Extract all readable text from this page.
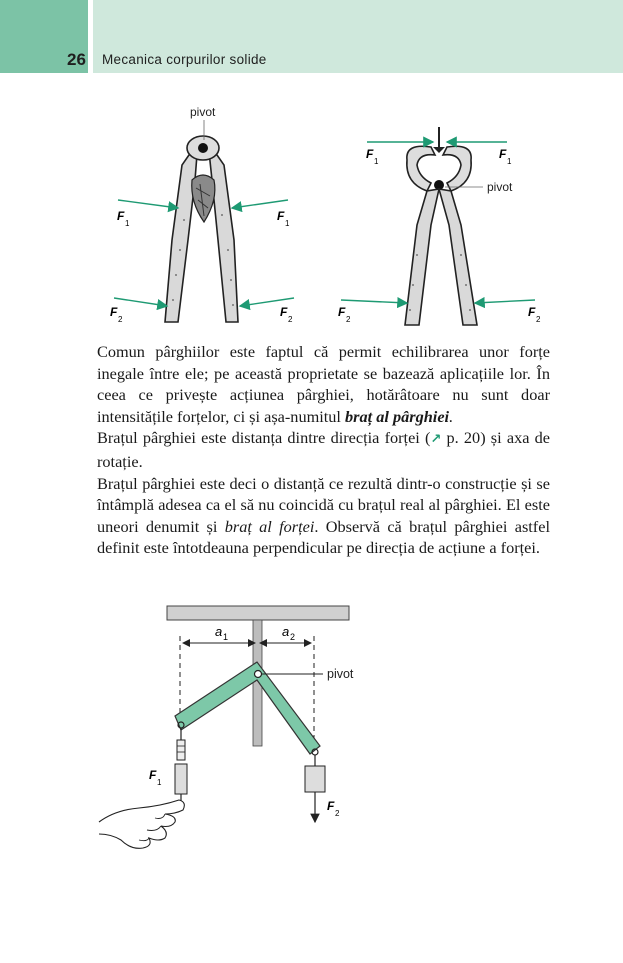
26 Mecanica corpurilor solide
pivot
F
1
F
1
F
2
F
2
pivot
F
1
F
1
F
2
F
2

Comun pârghiilor este faptul că permit echilibrarea unor forțe inegale între ele; pe această proprietate se bazează aplicațiile lor. În ceea ce privește acțiunea pârghiei, hotărâtoare nu sunt doar intensitățile forțelor, ci și așa-numitul braț al pârghiei.

Brațul pârghiei este distanța dintre direcția forței (↗ p. 20) și axa de rotație.

Brațul pârghiei este deci o distanță ce rezultă dintr-o construcție și se întâmplă adesea ca el să nu coincidă cu brațul real al pârghiei. El este uneori denumit și braț al forței. Observă că brațul pârghiei astfel definit este întotdeauna perpendicular pe direcția de acțiune a forței.

a 1	a 2
pivot
F
1
F
2
